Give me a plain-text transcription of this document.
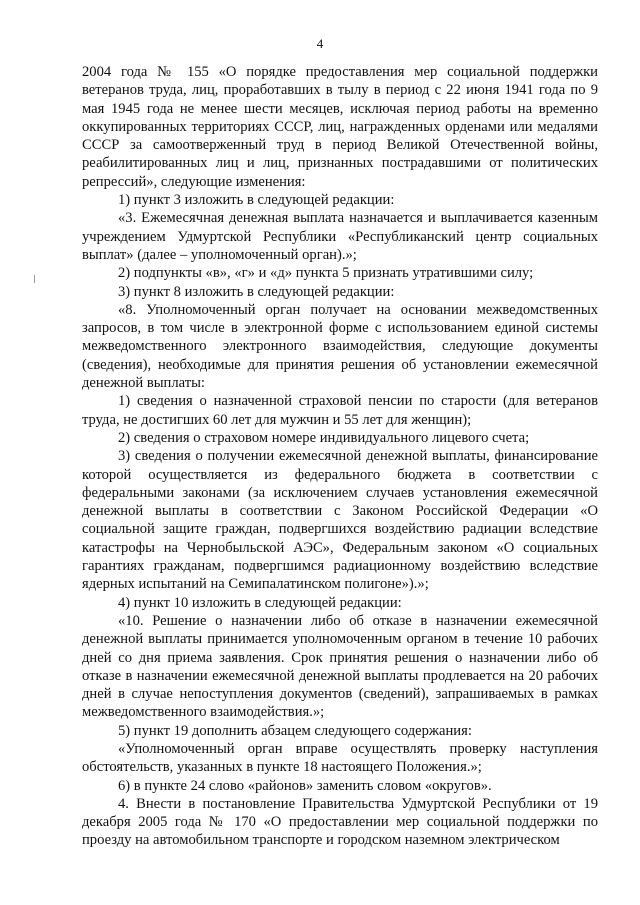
4

2004 года № 155 «О порядке предоставления мер социальной поддержки ветеранов труда, лиц, проработавших в тылу в период с 22 июня 1941 года по 9 мая 1945 года не менее шести месяцев, исключая период работы на временно оккупированных территориях СССР, лиц, награжденных орденами или медалями СССР за самоотверженный труд в период Великой Отечественной войны, реабилитированных лиц и лиц, признанных пострадавшими от политических репрессий», следующие изменения:

1) пункт 3 изложить в следующей редакции:

«3. Ежемесячная денежная выплата назначается и выплачивается казенным учреждением Удмуртской Республики «Республиканский центр социальных выплат» (далее – уполномоченный орган).»;

2) подпункты «в», «г» и «д» пункта 5 признать утратившими силу;

3) пункт 8 изложить в следующей редакции:

«8. Уполномоченный орган получает на основании межведомственных запросов, в том числе в электронной форме с использованием единой системы межведомственного электронного взаимодействия, следующие документы (сведения), необходимые для принятия решения об установлении ежемесячной денежной выплаты:

1) сведения о назначенной страховой пенсии по старости (для ветеранов труда, не достигших 60 лет для мужчин и 55 лет для женщин);

2) сведения о страховом номере индивидуального лицевого счета;

3) сведения о получении ежемесячной денежной выплаты, финансирование которой осуществляется из федерального бюджета в соответствии с федеральными законами (за исключением случаев установления ежемесячной денежной выплаты в соответствии с Законом Российской Федерации «О социальной защите граждан, подвергшихся воздействию радиации вследствие катастрофы на Чернобыльской АЭС», Федеральным законом «О социальных гарантиях гражданам, подвергшимся радиационному воздействию вследствие ядерных испытаний на Семипалатинском полигоне»).»;

4) пункт 10 изложить в следующей редакции:

«10. Решение о назначении либо об отказе в назначении ежемесячной денежной выплаты принимается уполномоченным органом в течение 10 рабочих дней со дня приема заявления. Срок принятия решения о назначении либо об отказе в назначении ежемесячной денежной выплаты продлевается на 20 рабочих дней в случае непоступления документов (сведений), запрашиваемых в рамках межведомственного взаимодействия.»;

5) пункт 19 дополнить абзацем следующего содержания:

«Уполномоченный орган вправе осуществлять проверку наступления обстоятельств, указанных в пункте 18 настоящего Положения.»;

6) в пункте 24 слово «районов» заменить словом «округов».

4. Внести в постановление Правительства Удмуртской Республики от 19 декабря 2005 года № 170 «О предоставлении мер социальной поддержки по проезду на автомобильном транспорте и городском наземном электрическом
